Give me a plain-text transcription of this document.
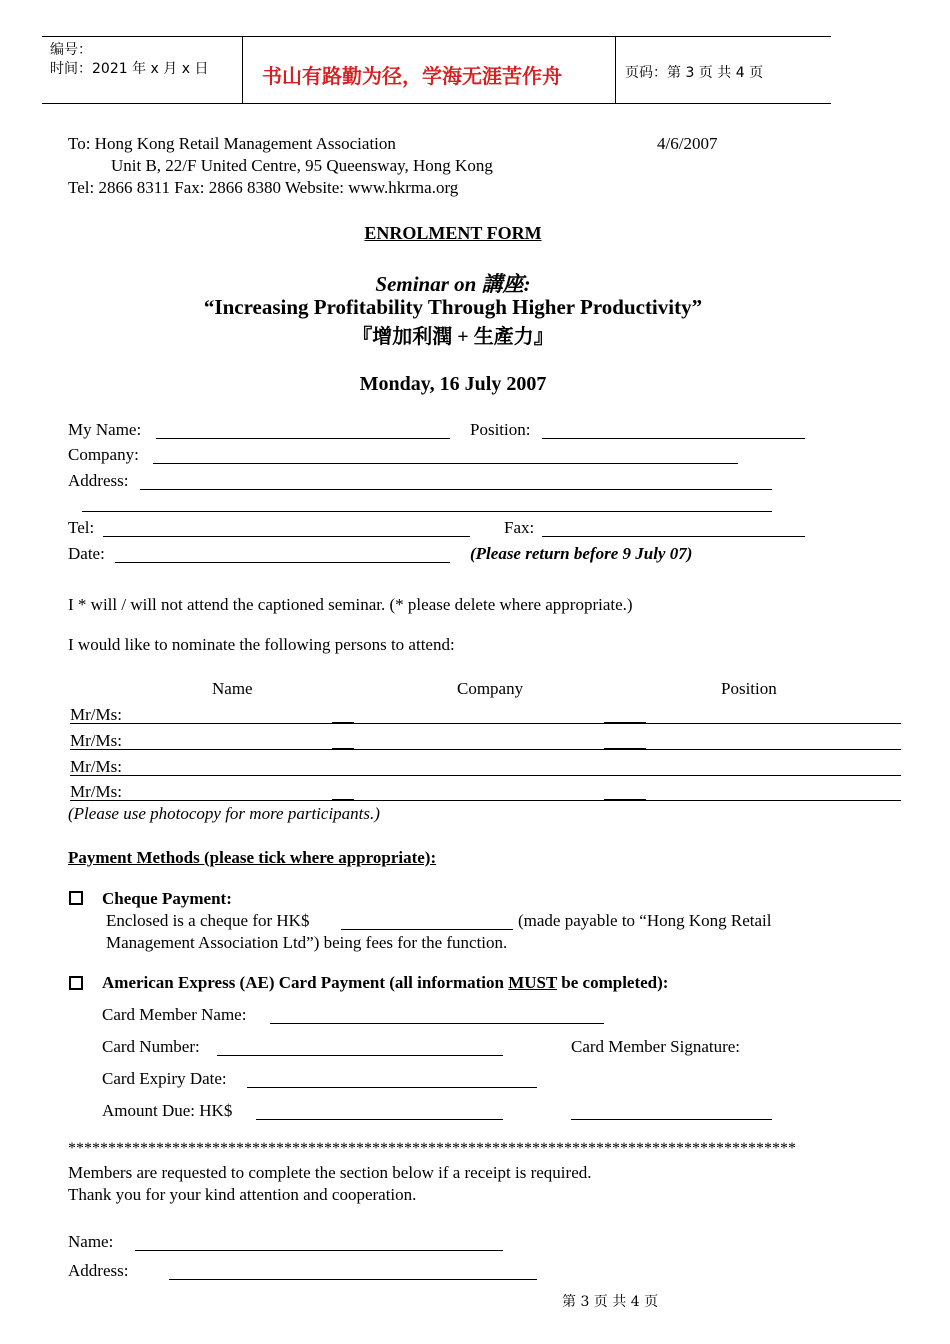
编号：
时间：2021 年 x 月 x 日	书山有路勤为径，学海无涯苦作舟	页码：第 3 页 共 4 页
To: Hong Kong Retail Management Association	4/6/2007
Unit B, 22/F United Centre, 95 Queensway, Hong Kong
Tel: 2866 8311 Fax: 2866 8380 Website: www.hkrma.org
ENROLMENT FORM
Seminar on 講座:
“Increasing Profitability Through Higher Productivity”
『增加利潤 + 生產力』
Monday, 16 July 2007
My Name:	Position:
Company:
Address:
Tel:	Fax:
Date:	(Please return before 9 July 07)
I * will / will not attend the captioned seminar. (* please delete where appropriate.)
I would like to nominate the following persons to attend:
Name	Company	Position
Mr/Ms:
Mr/Ms:
Mr/Ms:
Mr/Ms:
(Please use photocopy for more participants.)
Payment Methods (please tick where appropriate):
Cheque Payment:
Enclosed is a cheque for HK$	(made payable to “Hong Kong Retail
Management Association Ltd”) being fees for the function.
American Express (AE) Card Payment (all information MUST be completed):
Card Member Name:
Card Number:	Card Member Signature:
Card Expiry Date:
Amount Due: HK$
*******************************************************************************************
Members are requested to complete the section below if a receipt is required.
Thank you for your kind attention and cooperation.
Name:
Address:
第 3 页 共 4 页
